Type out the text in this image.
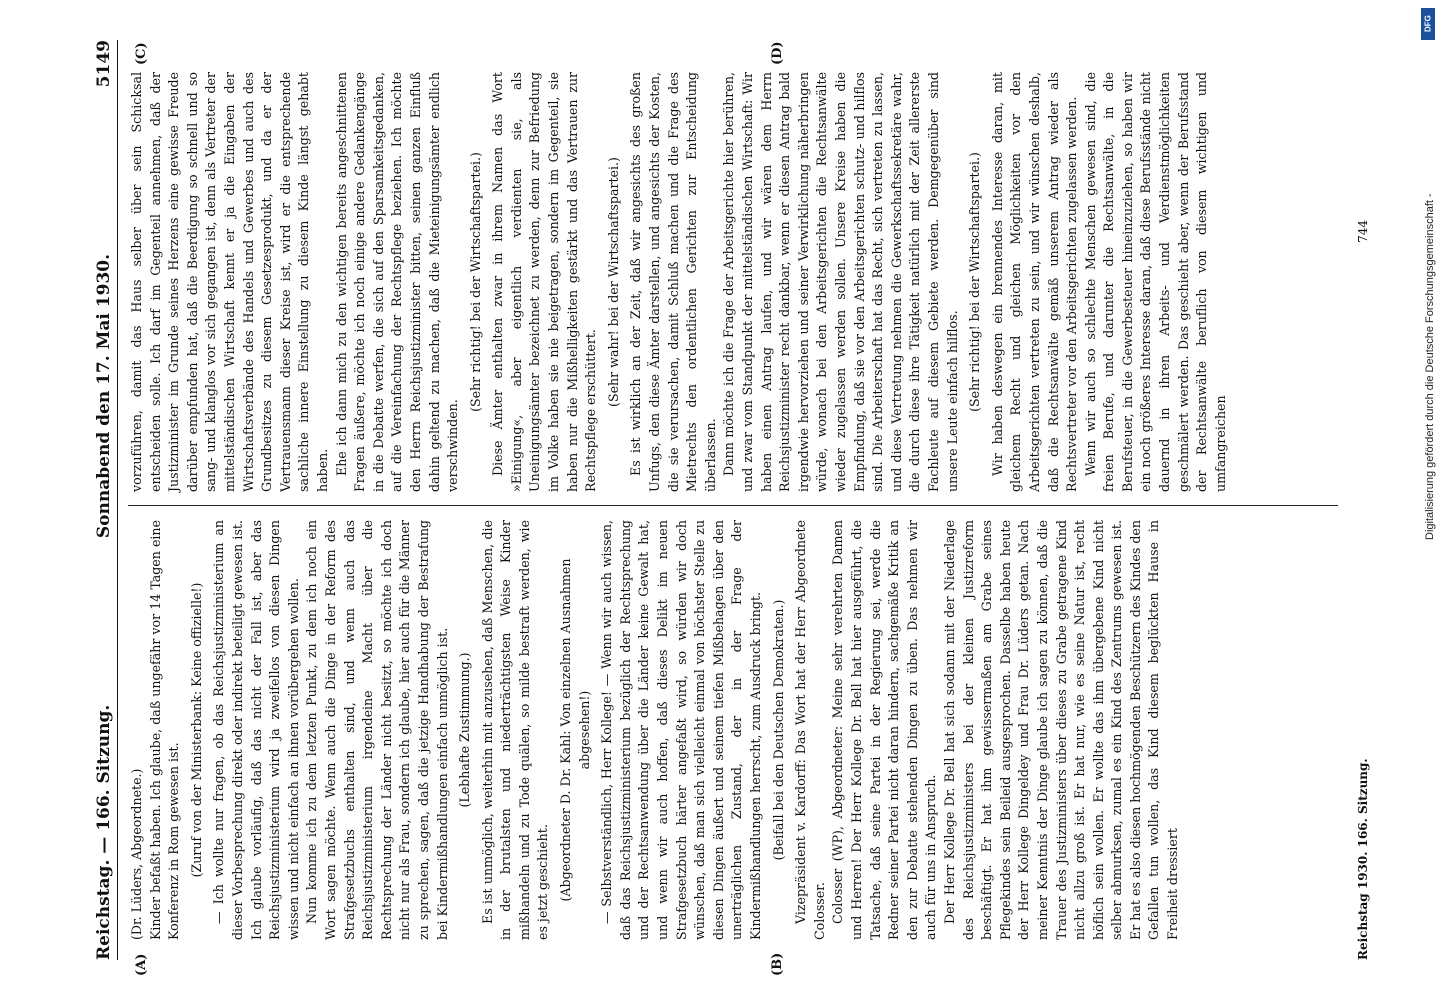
Reichstag. — 166. Sitzung.
Sonnabend den 17. Mai 1930.
5149
(A)	(B)
(C)	(D)

(Dr. Lüders, Abgeordnete.) Kinder befaßt haben. Ich glaube, daß ungefähr vor 14 Tagen eine Konferenz in Rom gewesen ist. (Zuruf von der Ministerbank: Keine offizielle!) — Ich wollte nur fragen, ob das Reichsjustizministerium an dieser Vorbesprechung direkt oder indirekt beteiligt gewesen ist. Ich glaube vorläufig, daß das nicht der Fall ist, aber das Reichsjustizministerium wird ja zweifellos von diesen Dingen wissen und nicht einfach an ihnen vorübergehen wollen. Nun komme ich zu dem letzten Punkt, zu dem ich noch ein Wort sagen möchte. Wenn auch die Dinge in der Reform des Strafgesetzbuchs enthalten sind, und wenn auch das Reichsjustizministerium irgendeine Macht über die Rechtsprechung der Länder nicht besitzt, so möchte ich doch nicht nur als Frau, sondern ich glaube, hier auch für die Männer zu sprechen, sagen, daß die jetzige Handhabung der Bestrafung bei Kindermißhandlungen einfach unmöglich ist. (Lebhafte Zustimmung.) Es ist unmöglich, weiterhin mit anzusehen, daß Menschen, die in der brutalsten und niederträchtigsten Weise Kinder mißhandeln und zu Tode quälen, so milde bestraft werden, wie es jetzt geschieht. (Abgeordneter D. Dr. Kahl: Von einzelnen Ausnahmen abgesehen!) — Selbstverständlich, Herr Kollege! — Wenn wir auch wissen, daß das Reichsjustizministerium bezüglich der Rechtsprechung und der Rechtsanwendung über die Länder keine Gewalt hat, und wenn wir auch hoffen, daß dieses Delikt im neuen Strafgesetzbuch härter angefaßt wird, so würden wir doch wünschen, daß man sich vielleicht einmal von höchster Stelle zu diesen Dingen äußert und seinem tiefen Mißbehagen über den unerträglichen Zustand, der in der Frage der Kindermißhandlungen herrscht, zum Ausdruck bringt. (Beifall bei den Deutschen Demokraten.) Vizepräsident v. Kardorff: Das Wort hat der Herr Abgeordnete Colosser. Colosser (WP), Abgeordneter: Meine sehr verehrten Damen und Herren! Der Herr Kollege Dr. Bell hat hier ausgeführt, die Tatsache, daß seine Partei in der Regierung sei, werde die Redner seiner Partei nicht daran hindern, sachgemäße Kritik an den zur Debatte stehenden Dingen zu üben. Das nehmen wir auch für uns in Anspruch. Der Herr Kollege Dr. Bell hat sich sodann mit der Niederlage des Reichsjustizministers bei der kleinen Justizreform beschäftigt. Er hat ihm gewissermaßen am Grabe seines Pflegekindes sein Beileid ausgesprochen. Dasselbe haben heute der Herr Kollege Dingeldey und Frau Dr. Lüders getan. Nach meiner Kenntnis der Dinge glaube ich sagen zu können, daß die Trauer des Justizministers über dieses zu Grabe getragene Kind nicht allzu groß ist. Er hat nur, wie es seine Natur ist, recht höflich sein wollen. Er wollte das ihm übergebene Kind nicht selber abmurksen, zumal es ein Kind des Zentrums gewesen ist. Er hat es also diesen hochmögenden Beschützern des Kindes den Gefallen tun wollen, das Kind diesem beglückten Hause in Freiheit dressiert

vorzuführen, damit das Haus selber über sein Schicksal entscheiden solle. Ich darf im Gegenteil annehmen, daß der Justizminister im Grunde seines Herzens eine gewisse Freude darüber empfunden hat, daß die Beerdigung so schnell und so sang- und klanglos vor sich gegangen ist, denn als Vertreter der mittelständischen Wirtschaft kennt er ja die Eingaben der Wirtschaftsverbände des Handels und Gewerbes und auch des Grundbesitzes zu diesem Gesetzesprodukt, und da er der Vertrauensmann dieser Kreise ist, wird er die entsprechende sachliche innere Einstellung zu diesem Kinde längst gehabt haben. Ehe ich dann mich zu den wichtigen bereits angeschnittenen Fragen äußere, möchte ich noch einige andere Gedankengänge in die Debatte werfen, die sich auf den Sparsamkeitsgedanken, auf die Vereinfachung der Rechtspflege beziehen. Ich möchte den Herrn Reichsjustizminister bitten, seinen ganzen Einfluß dahin geltend zu machen, daß die Mieteinigungsämter endlich verschwinden.

(Sehr richtig! bei der Wirtschaftspartei.) Diese Ämter enthalten zwar in ihrem Namen das Wort »Einigung«, aber eigentlich verdienten sie, als Uneinigungsämter bezeichnet zu werden, denn zur Befriedung im Volke haben sie nie beigetragen, sondern im Gegenteil, sie haben nur die Mißhelligkeiten gestärkt und das Vertrauen zur Rechtspflege erschüttert.

(Sehr wahr! bei der Wirtschaftspartei.) Es ist wirklich an der Zeit, daß wir angesichts des großen Unfugs, den diese Ämter darstellen, und angesichts der Kosten, die sie verursachen, damit Schluß machen und die Frage des Mietrechts den ordentlichen Gerichten zur Entscheidung überlassen. Dann möchte ich die Frage der Arbeitsgerichte hier berühren, und zwar vom Standpunkt der mittelständischen Wirtschaft: Wir haben einen Antrag laufen, und wir wären dem Herrn Reichsjustizminister recht dankbar, wenn er diesen Antrag bald irgendwie hervorziehen und seiner Verwirklichung näherbringen würde, wonach bei den Arbeitsgerichten die Rechtsanwälte wieder zugelassen werden sollen. Unsere Kreise haben die Empfindung, daß sie vor den Arbeitsgerichten schutz- und hilflos sind. Die Arbeiterschaft hat das Recht, sich vertreten zu lassen, und diese Vertretung nehmen die Gewerkschaftssekretäre wahr, die durch diese ihre Tätigkeit natürlich mit der Zeit allererste Fachleute auf diesem Gebiete werden. Demgegenüber sind unsere Leute einfach hilflos. (Sehr richtig! bei der Wirtschaftspartei.) Wir haben deswegen ein brennendes Interesse daran, mit gleichem Recht und gleichen Möglichkeiten vor den Arbeitsgerichten vertreten zu sein, und wir wünschen deshalb, daß die Rechtsanwälte gemäß unserem Antrag wieder als Rechtsvertreter vor den Arbeitsgerichten zugelassen werden. Wenn wir auch so schlechte Menschen gewesen sind, die freien Berufe, und darunter die Rechtsanwälte, in die Berufsteuer, in die Gewerbesteuer hineinzuziehen, so haben wir ein noch größeres Interesse daran, daß diese Berufsstände nicht dauernd in ihren Arbeits- und Verdienstmöglichkeiten geschmälert werden. Das geschieht aber, wenn der Berufsstand der Rechtsanwälte beruflich von diesem wichtigen und umfangreichen

Reichstag 1930. 166. Sitzung.
744
DFG
Digitalisierung gefördert durch die Deutsche Forschungsgemeinschaft -
